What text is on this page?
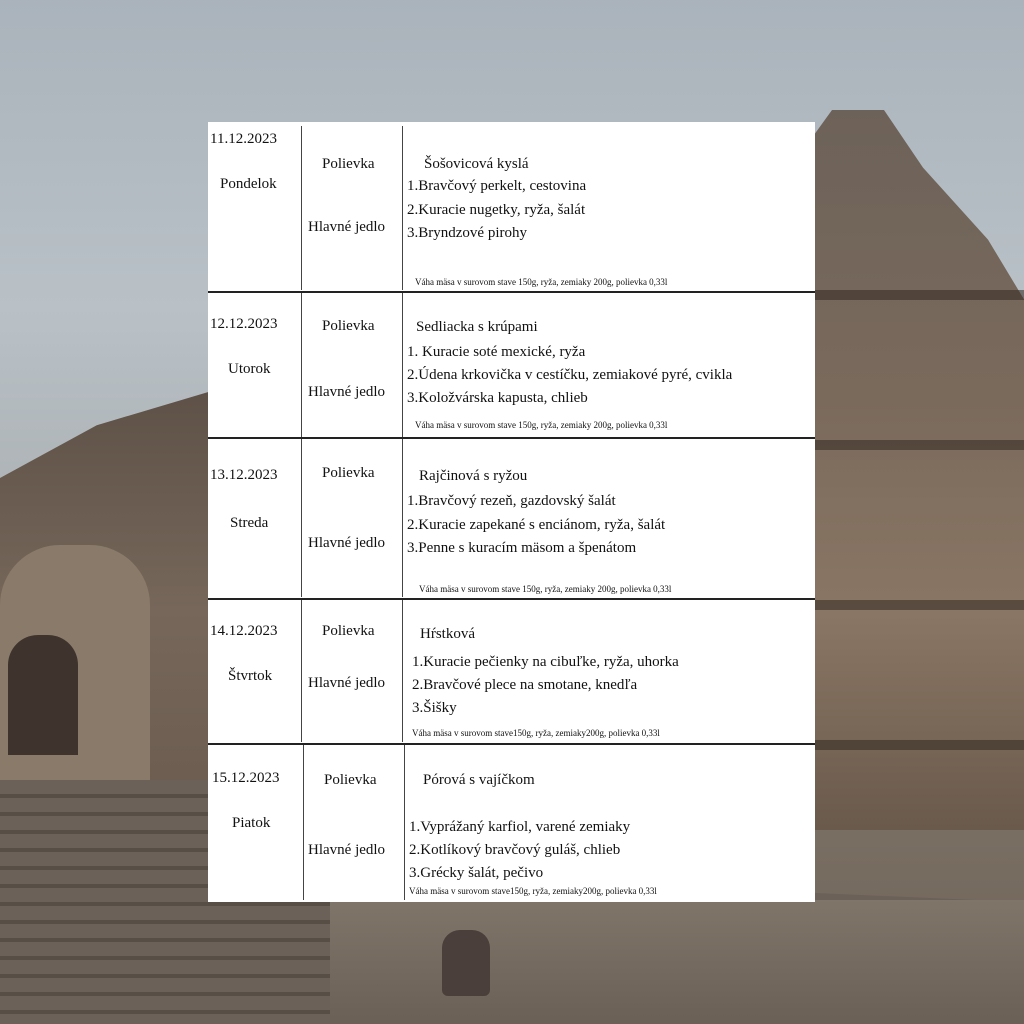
11.12.2023
Pondelok
Polievka
Hlavné jedlo
Šošovicová kyslá
1.Bravčový perkelt, cestovina
2.Kuracie nugetky, ryža, šalát
3.Bryndzové pirohy
Váha mäsa v surovom stave 150g, ryža, zemiaky 200g, polievka 0,33l
12.12.2023
Utorok
Polievka
Hlavné jedlo
Sedliacka s krúpami
1. Kuracie soté mexické, ryža
2.Údena krkovička v cestíčku, zemiakové pyré, cvikla
3.Koložvárska kapusta, chlieb
Váha mäsa v surovom stave 150g, ryža, zemiaky 200g, polievka 0,33l
13.12.2023
Streda
Polievka
Hlavné jedlo
Rajčinová s ryžou
1.Bravčový rezeň, gazdovský šalát
2.Kuracie zapekané s enciánom, ryža, šalát
3.Penne s kuracím mäsom a špenátom
Váha mäsa v surovom stave 150g, ryža, zemiaky 200g, polievka 0,33l
14.12.2023
Štvrtok
Polievka
Hlavné jedlo
Hŕstková
1.Kuracie pečienky na cibuľke, ryža, uhorka
2.Bravčové plece na smotane, knedľa
3.Šišky
Váha mäsa v surovom stave150g, ryža, zemiaky200g, polievka 0,33l
15.12.2023
Piatok
Polievka
Hlavné jedlo
Pórová s vajíčkom
1.Vyprážaný karfiol, varené zemiaky
2.Kotlíkový bravčový guláš, chlieb
3.Grécky šalát, pečivo
Váha mäsa v surovom stave150g, ryža, zemiaky200g, polievka 0,33l
